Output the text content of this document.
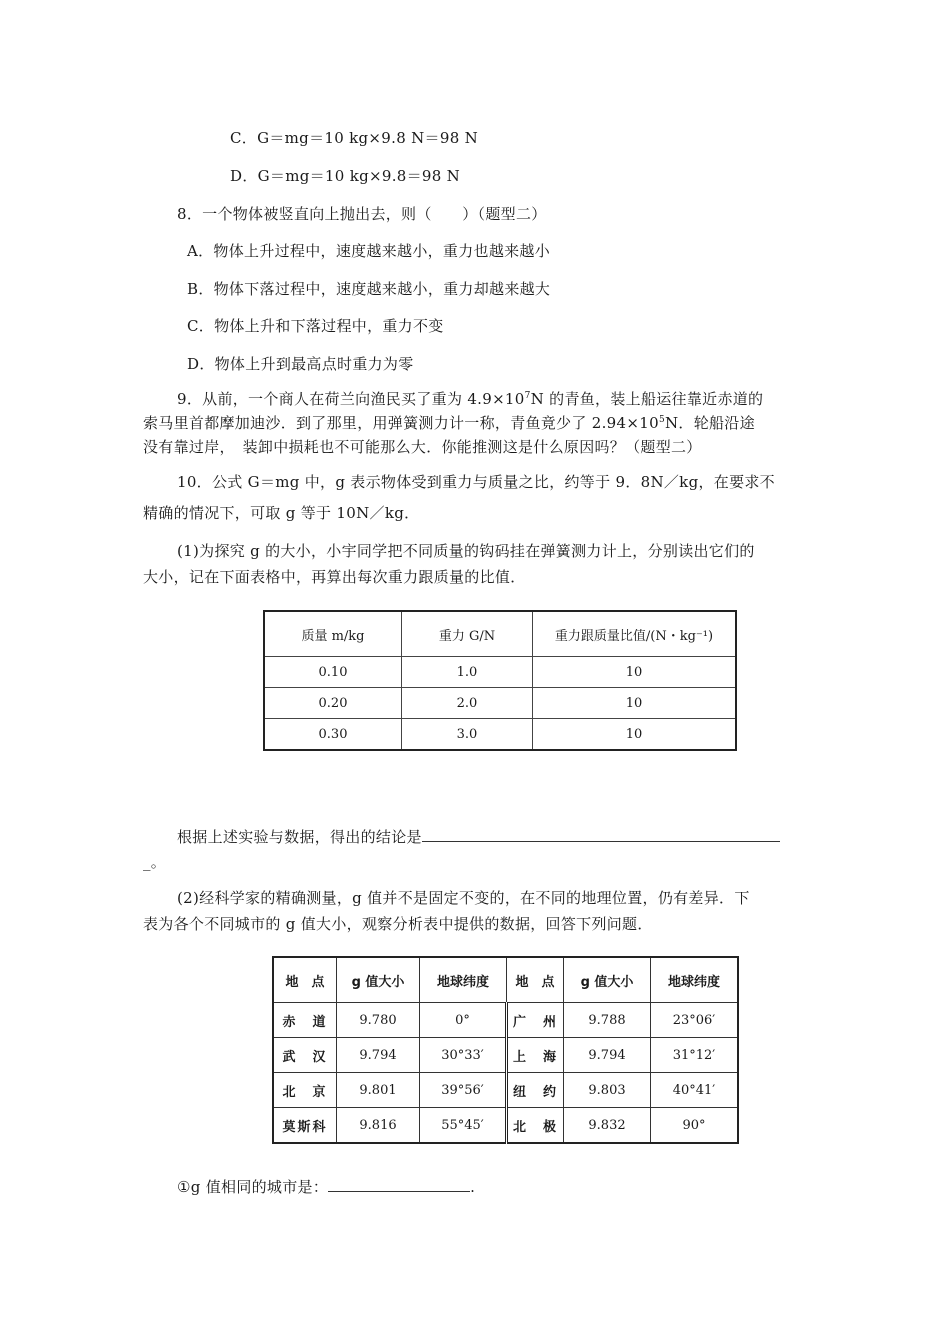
C．G＝mg＝10 kg×9.8 N＝98 N
D．G＝mg＝10 kg×9.8＝98 N
8．一个物体被竖直向上抛出去，则（　　）（题型二）
A．物体上升过程中，速度越来越小，重力也越来越小
B．物体下落过程中，速度越来越小，重力却越来越大
C．物体上升和下落过程中，重力不变
D．物体上升到最高点时重力为零
9．从前，一个商人在荷兰向渔民买了重为 $4.9\times 10^7N$ 的青鱼，装上船运往靠近赤道的
索马里首都摩加迪沙．到了那里，用弹簧测力计一称，青鱼竟少了 $2.94\times 10^5N$．轮船沿途
没有靠过岸，　装卸中损耗也不可能那么大．你能推测这是什么原因吗？（题型二）
10．公式 G＝mg 中，g 表示物体受到重力与质量之比，约等于 9．8N／kg，在要求不
精确的情况下，可取 g 等于 10N／kg．
(1)为探究 g 的大小，小宇同学把不同质量的钩码挂在弹簧测力计上，分别读出它们的
大小，记在下面表格中，再算出每次重力跟质量的比值．
质量 m/kg	重力 G/N	重力跟质量比值/(N・kg⁻¹)
0.10	1.0	10
0.20	2.0	10
0.30	3.0	10
根据上述实验与数据，得出的结论是
_。
(2)经科学家的精确测量，g 值并不是固定不变的，在不同的地理位置，仍有差异．下
表为各个不同城市的 g 值大小，观察分析表中提供的数据，回答下列问题．
地　点	g 值大小	地球纬度	地　点	g 值大小	地球纬度
赤　道	9.780	0°	广　州	9.788	23°06′
武　汉	9.794	30°33′	上　海	9.794	31°12′
北　京	9.801	39°56′	纽　约	9.803	40°41′
莫斯科	9.816	55°45′	北　极	9.832	90°
①g 值相同的城市是：	.
